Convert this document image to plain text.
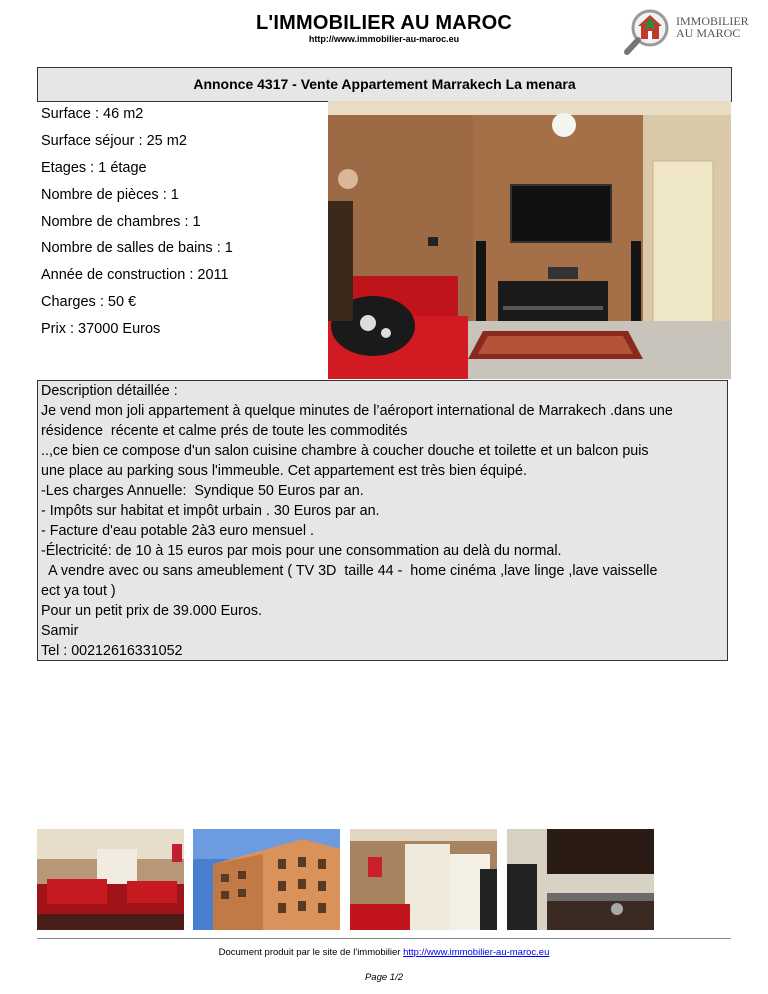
L'IMMOBILIER AU MAROC
http://www.immobilier-au-maroc.eu
IMMOBILIER
AU MAROC
Annonce 4317 - Vente Appartement Marrakech La menara
Surface : 46 m2
Surface séjour : 25 m2
Etages : 1 étage
Nombre de pièces : 1
Nombre de chambres : 1
Nombre de salles de bains : 1
Année de construction : 2011
Charges : 50 €
Prix : 37000 Euros
Description détaillée :
Je vend mon joli appartement à quelque minutes de l’aéroport international de Marrakech .dans une
résidence  récente et calme prés de toute les commodités
..,ce bien ce compose d'un salon cuisine chambre à coucher douche et toilette et un balcon puis
une place au parking sous l'immeuble. Cet appartement est très bien équipé.
-Les charges Annuelle:  Syndique 50 Euros par an.
- Impôts sur habitat et impôt urbain . 30 Euros par an.
- Facture d'eau potable 2à3 euro mensuel .
-Électricité: de 10 à 15 euros par mois pour une consommation au delà du normal.
A vendre avec ou sans ameublement ( TV 3D  taille 44 -  home cinéma ,lave linge ,lave vaisselle
ect ya tout )
Pour un petit prix de 39.000 Euros.
Samir
Tel : 00212616331052
Document produit par le site de l'immobilier http://www.immobilier-au-maroc.eu
Page 1/2
